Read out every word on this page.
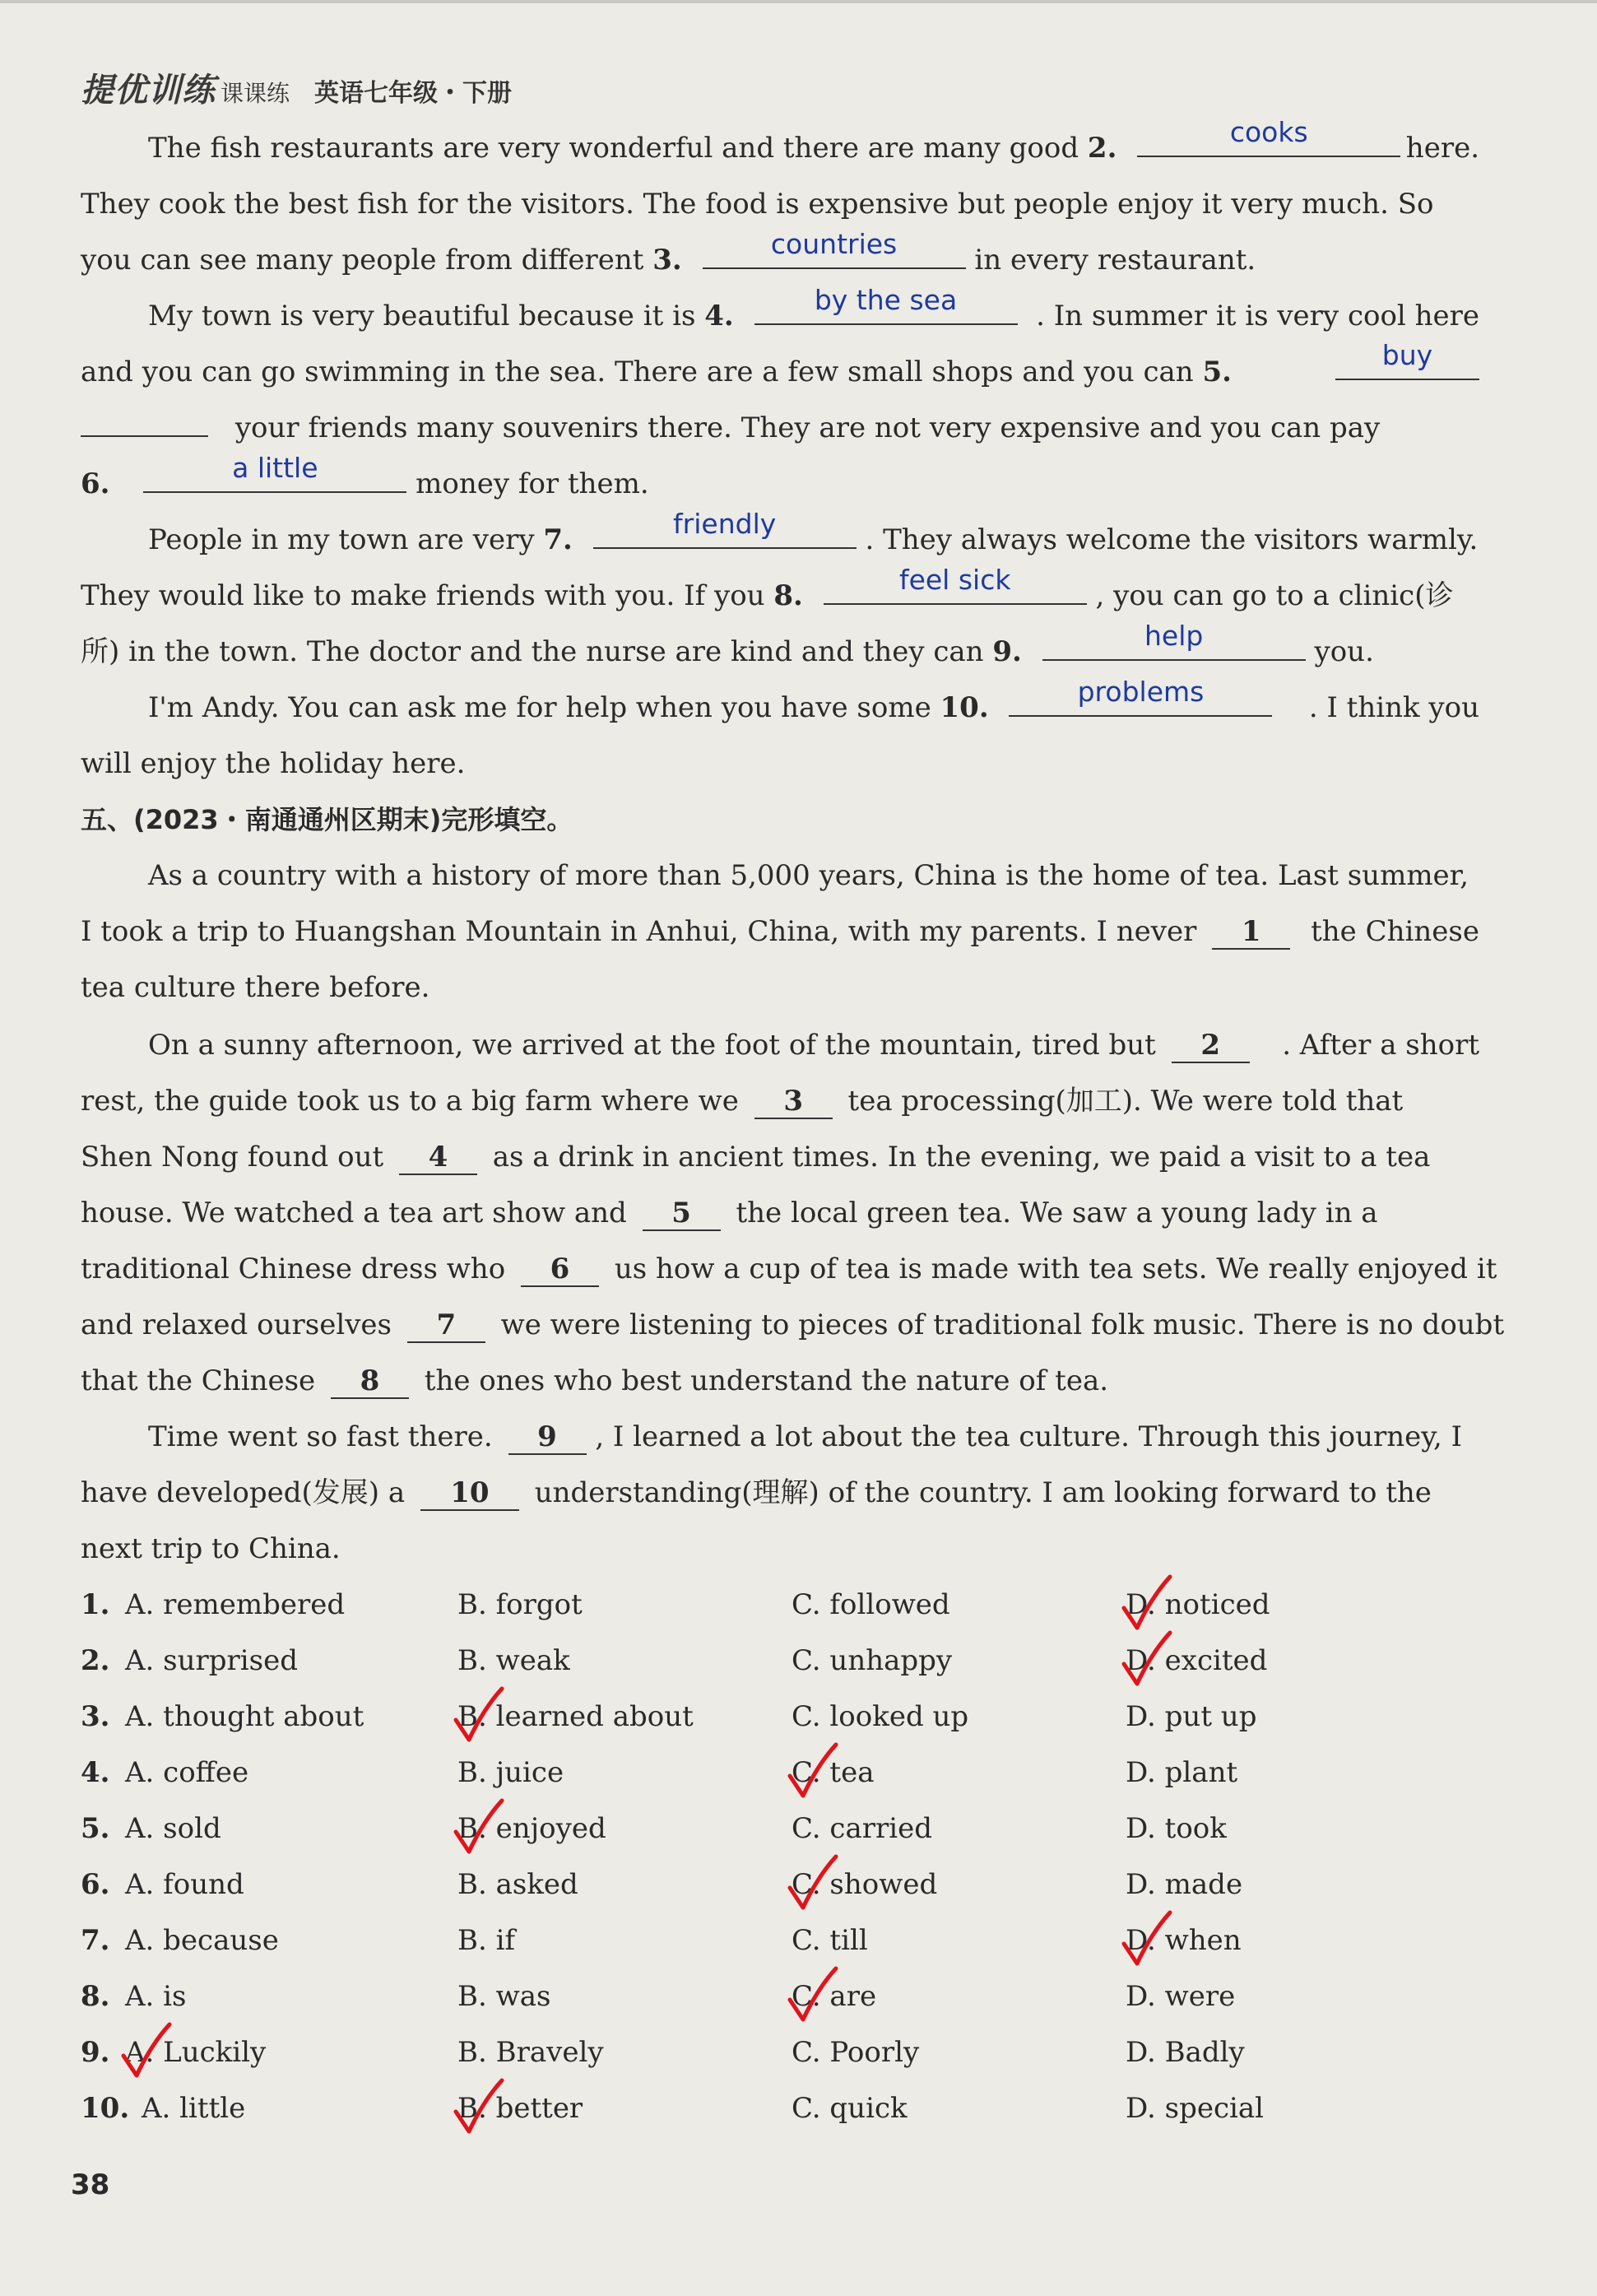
提优训练 课课练 英语七年级・下册
The fish restaurants are very wonderful and there are many good 2.	cooks	here.
They cook the best fish for the visitors. The food is expensive but people enjoy it very much. So
you can see many people from different 3.	countries	in every restaurant.
My town is very beautiful because it is 4.	by the sea	. In summer it is very cool here
and you can go swimming in the sea. There are a few small shops and you can 5.
buy
your friends many souvenirs there. They are not very expensive and you can pay
6.	a little	money for them.
People in my town are very 7.	friendly	. They always welcome the visitors warmly.
They would like to make friends with you. If you 8.	feel sick	, you can go to a clinic(诊
所) in the town. The doctor and the nurse are kind and they can 9.	help	you.
I'm Andy. You can ask me for help when you have some 10.	problems	. I think you
will enjoy the holiday here.
五、(2023・南通通州区期末)完形填空。
As a country with a history of more than 5,000 years, China is the home of tea. Last summer,
I took a trip to Huangshan Mountain in Anhui, China, with my parents. I never 1 the Chinese
tea culture there before.
On a sunny afternoon, we arrived at the foot of the mountain, tired but 2 . After a short
rest, the guide took us to a big farm where we 3 tea processing(加工). We were told that
Shen Nong found out 4 as a drink in ancient times. In the evening, we paid a visit to a tea
house. We watched a tea art show and 5 the local green tea. We saw a young lady in a
traditional Chinese dress who 6 us how a cup of tea is made with tea sets. We really enjoyed it
and relaxed ourselves 7 we were listening to pieces of traditional folk music. There is no doubt
that the Chinese 8 the ones who best understand the nature of tea.
Time went so fast there. 9 , I learned a lot about the tea culture. Through this journey, I
have developed(发展) a 10 understanding(理解) of the country. I am looking forward to the
next trip to China.
1. A. remembered	B. forgot	C. followed	D. noticed
2. A. surprised	B. weak	C. unhappy	D. excited
3. A. thought about	B. learned about	C. looked up	D. put up
4. A. coffee	B. juice	C. tea	D. plant
5. A. sold	B. enjoyed	C. carried	D. took
6. A. found	B. asked	C. showed	D. made
7. A. because	B. if	C. till	D. when
8. A. is	B. was	C. are	D. were
9. A. Luckily	B. Bravely	C. Poorly	D. Badly
10. A. little	B. better	C. quick	D. special
38
